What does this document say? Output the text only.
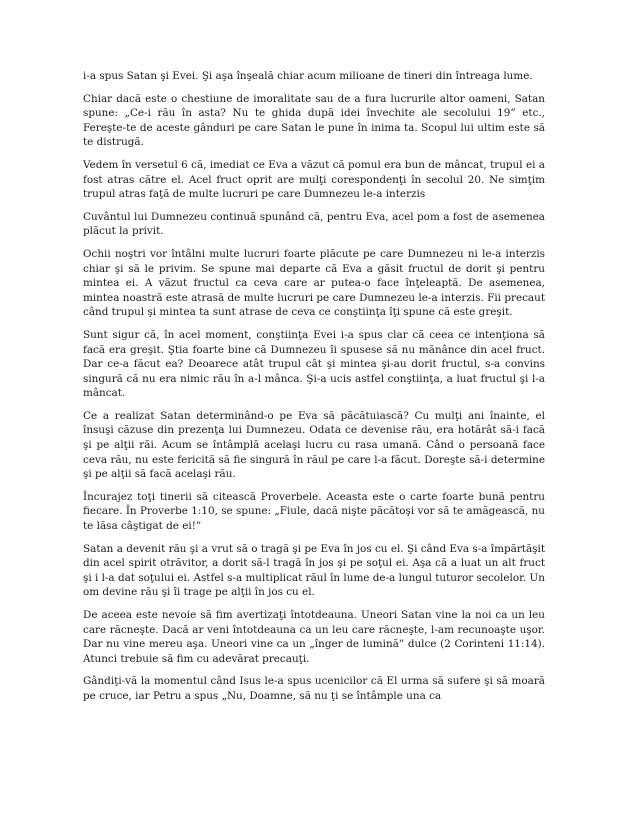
i-a spus Satan şi Evei. Şi aşa înşeală chiar acum milioane de tineri din întreaga lume.

Chiar dacă este o chestiune de imoralitate sau de a fura lucrurile altor oameni, Satan spune: „Ce-i rău în asta? Nu te ghida după idei învechite ale secolului 19” etc., Fereşte-te de aceste gânduri pe care Satan le pune în inima ta. Scopul lui ultim este să te distrugă.

Vedem în versetul 6 că, imediat ce Eva a văzut că pomul era bun de mâncat, trupul ei a fost atras către el. Acel fruct oprit are mulţi corespondenţi în secolul 20. Ne simţim trupul atras faţă de multe lucruri pe care Dumnezeu le-a interzis

Cuvântul lui Dumnezeu continuă spunând că, pentru Eva, acel pom a fost de asemenea plăcut la privit.

Ochii noştri vor întâlni multe lucruri foarte plăcute pe care Dumnezeu ni le-a interzis chiar şi să le privim. Se spune mai departe că Eva a găsit fructul de dorit şi pentru mintea ei. A văzut fructul ca ceva care ar putea-o face înţeleaptă. De asemenea, mintea noastră este atrasă de multe lucruri pe care Dumnezeu le-a interzis. Fii precaut când trupul şi mintea ta sunt atrase de ceva ce conştiinţa îţi spune că este greşit.

Sunt sigur că, în acel moment, conştiinţa Evei i-a spus clar că ceea ce intenţiona să facă era greşit. Ştia foarte bine că Dumnezeu îi spusese să nu mănânce din acel fruct. Dar ce-a făcut ea? Deoarece atât trupul cât şi mintea şi-au dorit fructul, s-a convins singură că nu era nimic rău în a-l mânca. Şi-a ucis astfel conştiinţa, a luat fructul şi l-a mâncat.

Ce a realizat Satan determinând-o pe Eva să păcătuiască? Cu mulţi ani înainte, el însuşi căzuse din prezenţa lui Dumnezeu. Odata ce devenise rău, era hotărât să-i facă şi pe alţii răi. Acum se întâmplă acelaşi lucru cu rasa umană. Când o persoană face ceva rău, nu este fericită să fie singură în răul pe care l-a făcut. Doreşte să-i determine şi pe alţii să facă acelaşi rău.

Încurajez toţi tinerii să citească Proverbele. Aceasta este o carte foarte bună pentru fiecare. În Proverbe 1:10, se spune: „Fiule, dacă nişte păcătoşi vor să te amăgească, nu te lăsa câştigat de ei!”

Satan a devenit rău şi a vrut să o tragă şi pe Eva în jos cu el. Şi când Eva s-a împărtăşit din acel spirit otrăvitor, a dorit să-l tragă în jos şi pe soţul ei. Aşa că a luat un alt fruct şi i l-a dat soţului ei. Astfel s-a multiplicat răul în lume de-a lungul tuturor secolelor. Un om devine rău şi îi trage pe alţii în jos cu el.

De aceea este nevoie să fim avertizaţi întotdeauna. Uneori Satan vine la noi ca un leu care răcneşte. Dacă ar veni întotdeauna ca un leu care răcneşte, l-am recunoaşte uşor. Dar nu vine mereu aşa. Uneori vine ca un „înger de lumină” dulce (2 Corinteni 11:14). Atunci trebuie să fim cu adevărat precauţi.

Gândiţi-vă la momentul când Isus le-a spus ucenicilor că El urma să sufere şi să moară pe cruce, iar Petru a spus „Nu, Doamne, să nu ţi se întâmple una ca
